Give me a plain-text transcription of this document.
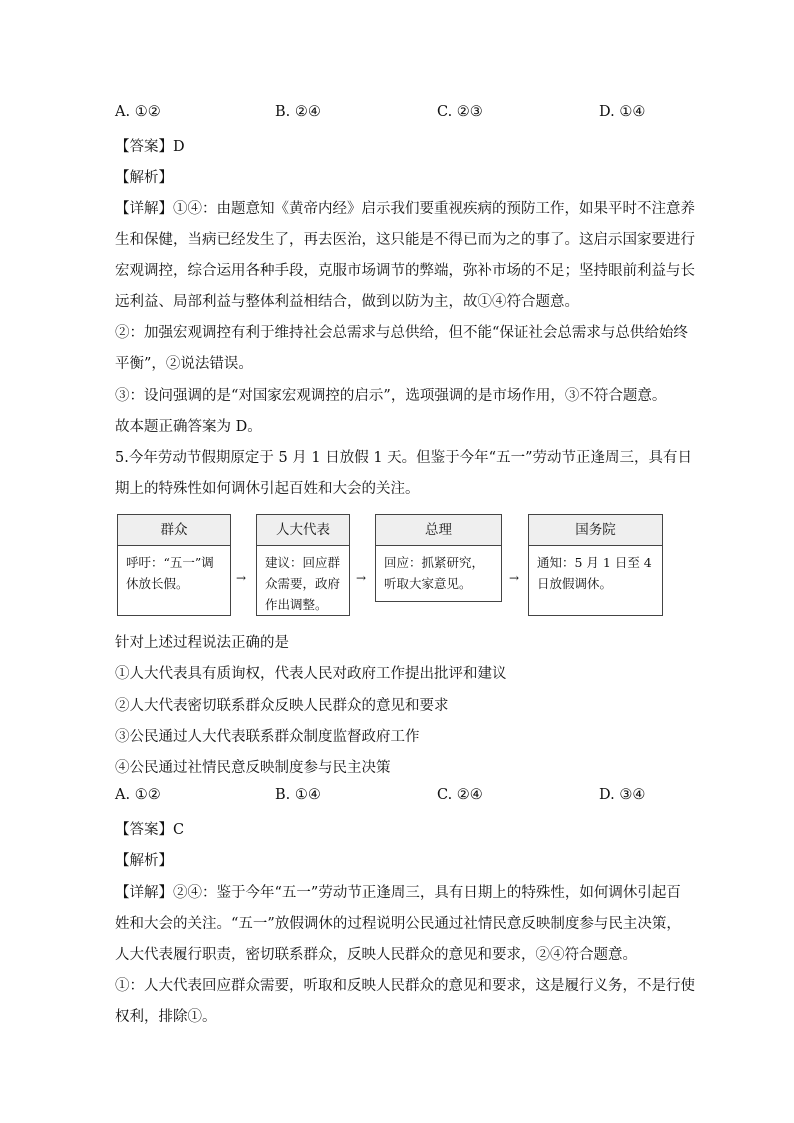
A. ①②	B. ②④	C. ②③	D. ①④
【答案】D
【解析】
【详解】①④：由题意知《黄帝内经》启示我们要重视疾病的预防工作，如果平时不注意养
生和保健，当病已经发生了，再去医治，这只能是不得已而为之的事了。这启示国家要进行
宏观调控，综合运用各种手段，克服市场调节的弊端，弥补市场的不足；坚持眼前利益与长
远利益、局部利益与整体利益相结合，做到以防为主，故①④符合题意。
②：加强宏观调控有利于维持社会总需求与总供给，但不能“保证社会总需求与总供给始终
平衡”，②说法错误。
③：设问强调的是“对国家宏观调控的启示”，选项强调的是市场作用，③不符合题意。
故本题正确答案为 D。
5.今年劳动节假期原定于 5 月 1 日放假 1 天。但鉴于今年“五一”劳动节正逢周三，具有日
期上的特殊性如何调休引起百姓和大会的关注。
群众
呼吁：“五一”调休放长假。	→
人大代表
建议：回应群众需要，政府作出调整。
→
总理
回应：抓紧研究，听取大家意见。	→
国务院
通知：5 月 1 日至 4 日放假调休。
针对上述过程说法正确的是
①人大代表具有质询权，代表人民对政府工作提出批评和建议
②人大代表密切联系群众反映人民群众的意见和要求
③公民通过人大代表联系群众制度监督政府工作
④公民通过社情民意反映制度参与民主决策
A. ①②	B. ①④	C. ②④	D. ③④
【答案】C
【解析】
【详解】②④：鉴于今年“五一”劳动节正逢周三，具有日期上的特殊性，如何调休引起百
姓和大会的关注。“五一”放假调休的过程说明公民通过社情民意反映制度参与民主决策，
人大代表履行职责，密切联系群众，反映人民群众的意见和要求，②④符合题意。
①：人大代表回应群众需要，听取和反映人民群众的意见和要求，这是履行义务，不是行使
权利，排除①。
